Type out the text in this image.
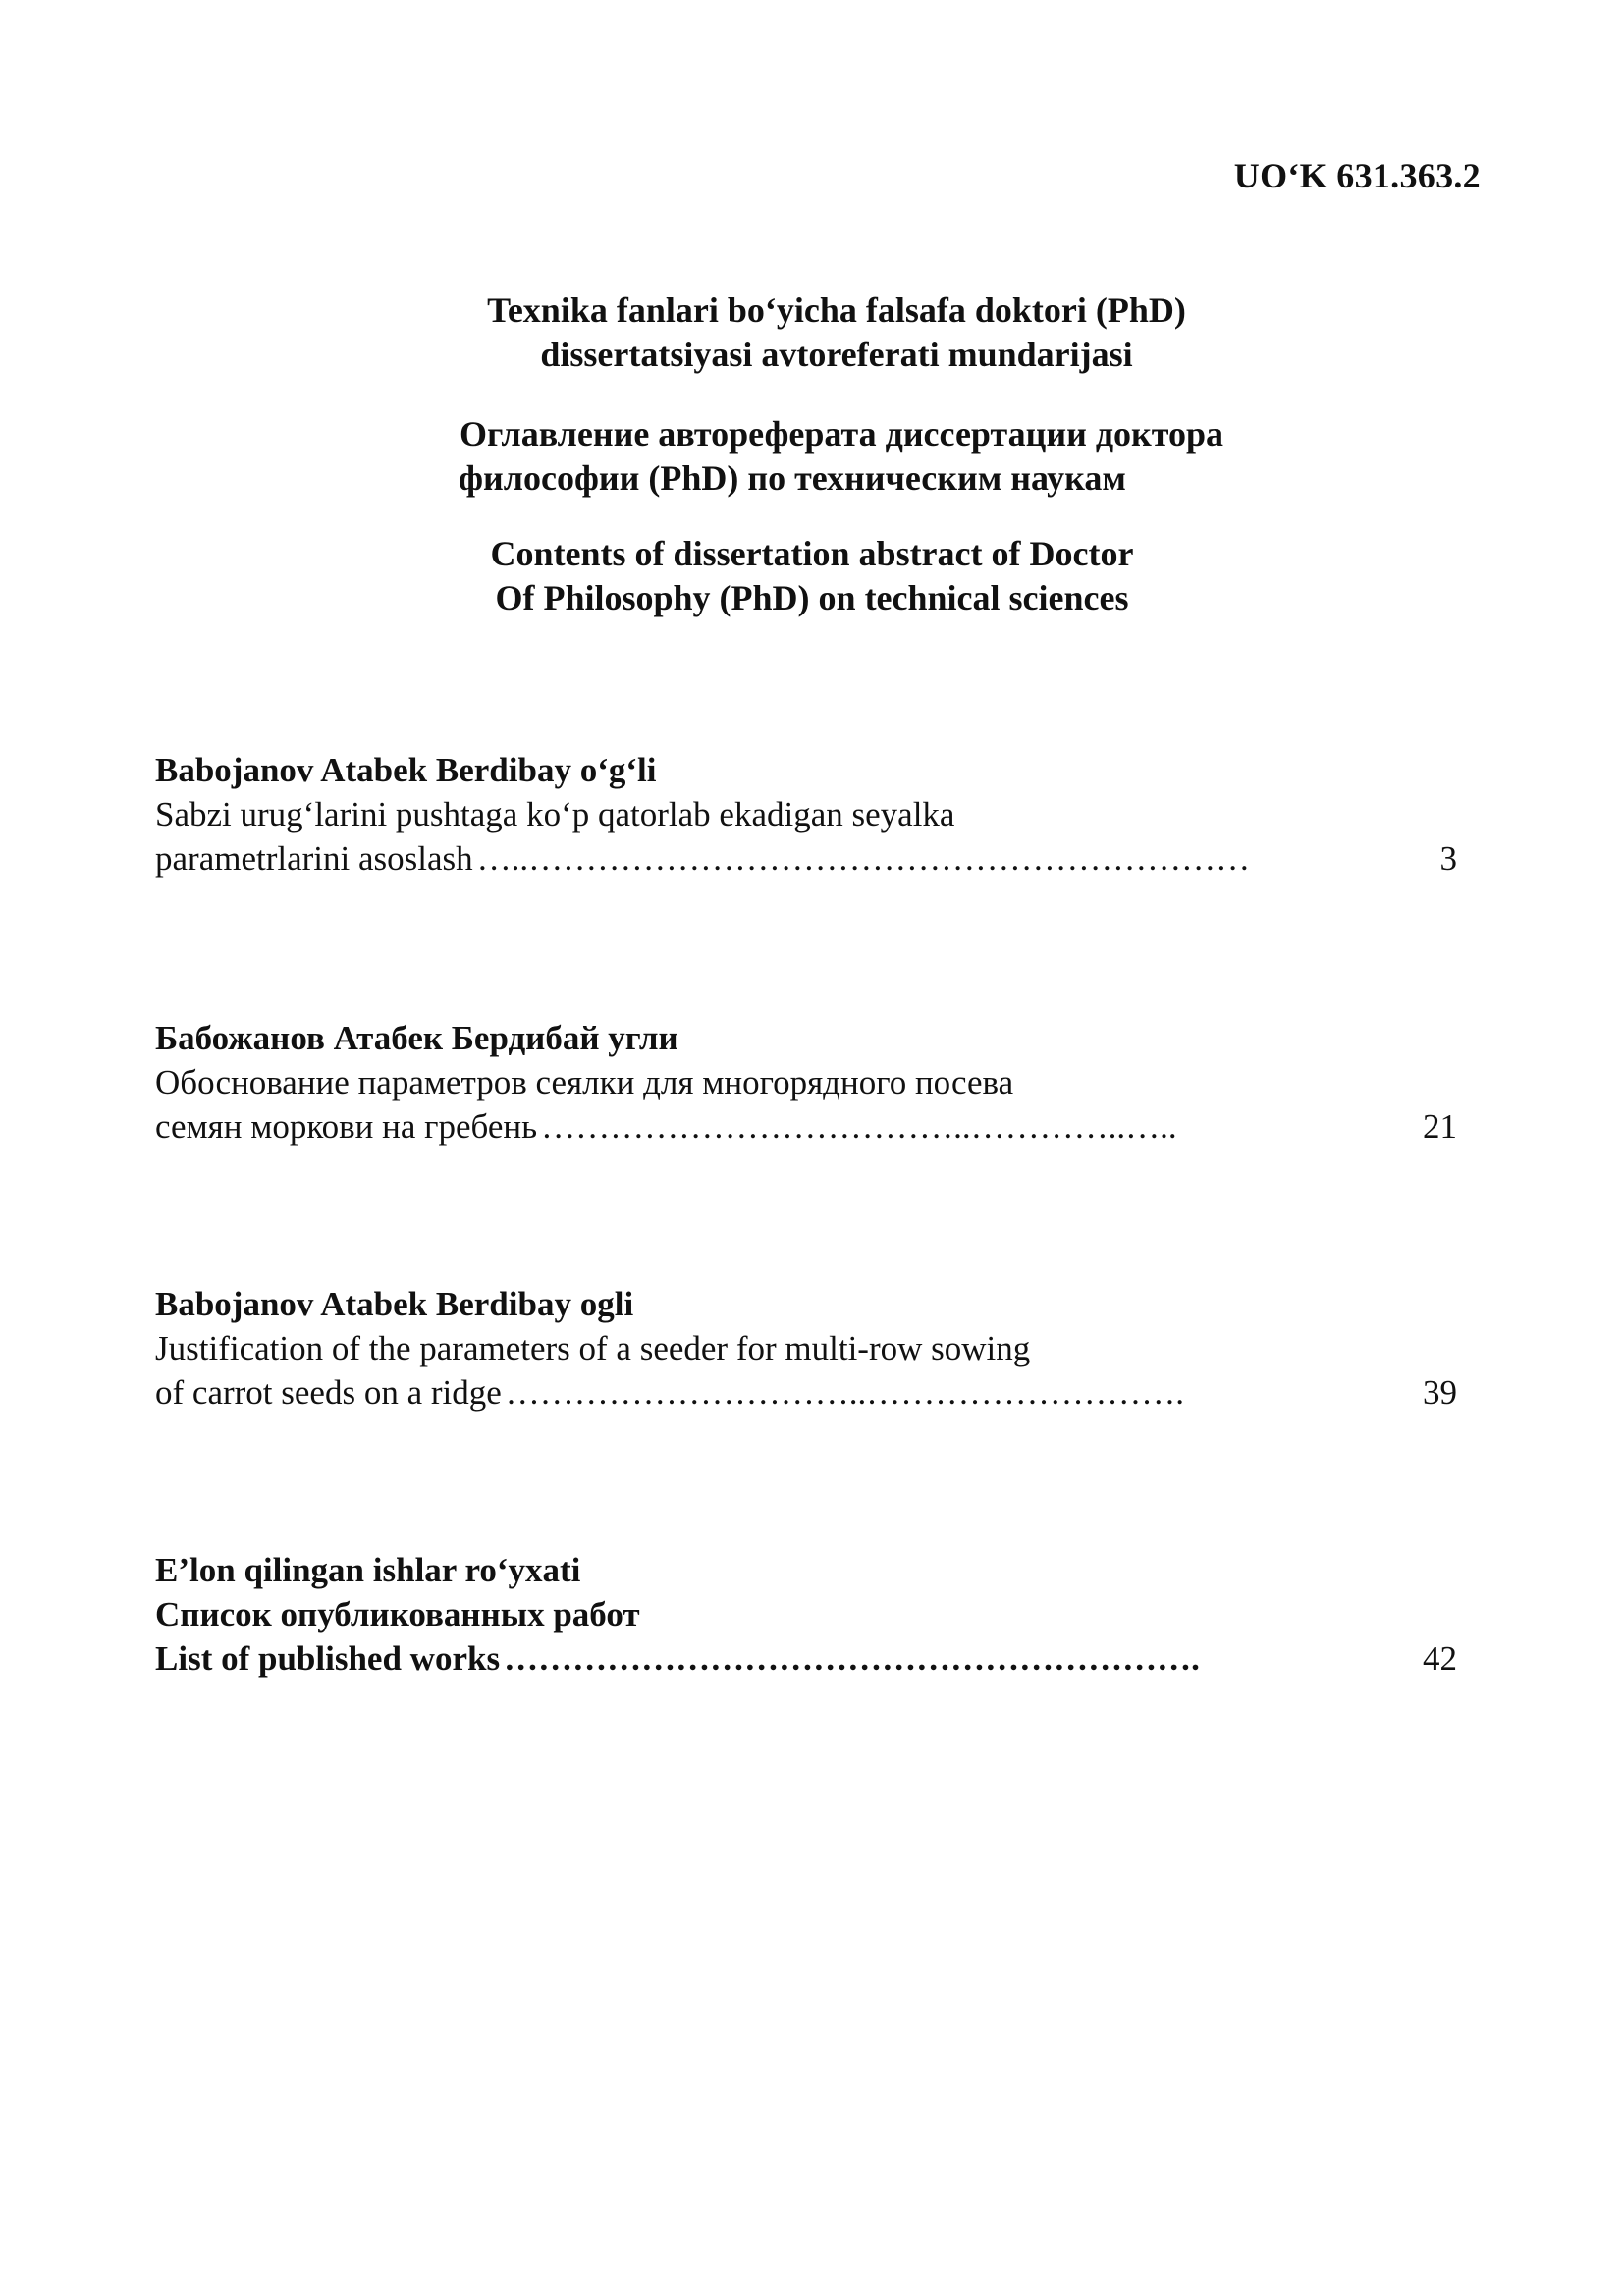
UO‘K 631.363.2
Texnika fanlari bo‘yicha falsafa doktori (PhD)
dissertatsiyasi avtoreferati mundarijasi
Оглавление автореферата диссертации доктора
философии (PhD) по техническим наукам
Contents of dissertation abstract of Doctor
Of Philosophy (PhD) on technical sciences
Babojanov Atabek Berdibay o‘g‘li
Sabzi urug‘larini pushtaga ko‘p qatorlab ekadigan seyalka
parametrlarini asoslash …..………………………………………………………	3
Бабожанов Атабек Бердибай угли
Обоснование параметров сеялки для многорядного посева
семян моркови на гребень ………………………………..…………..…..	21
Babojanov Atabek Berdibay ogli
Justification of the parameters of a seeder for multi-row sowing
of carrot seeds on a ridge …………………………..……………………….	39
E’lon qilingan ishlar ro‘yxati
Список опубликованных работ
List of published works …………………………………………………….	42
